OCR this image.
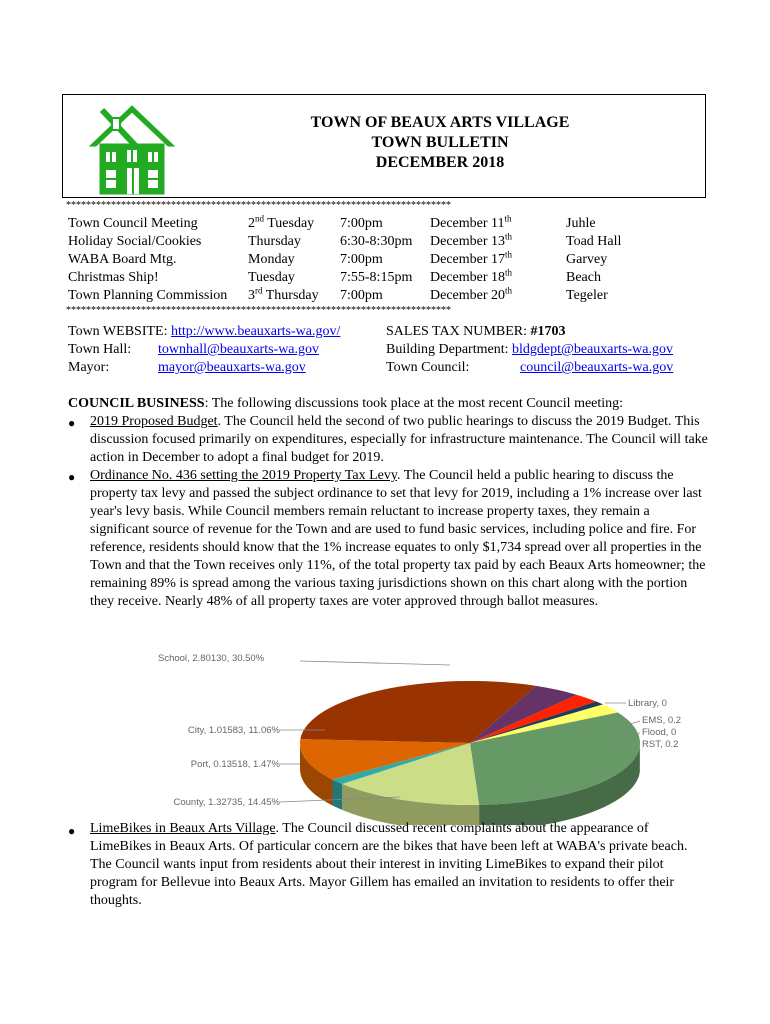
TOWN OF BEAUX ARTS VILLAGE
TOWN BULLETIN
DECEMBER 2018
*****************************************************************************
Town Council Meeting	2nd Tuesday 7:00pm	December 11th	Juhle
Holiday Social/Cookies	Thursday	6:30-8:30pm December 13th	Toad Hall
WABA Board Mtg.	Monday	7:00pm	December 17th	Garvey
Christmas Ship!	Tuesday	7:55-8:15pm December 18th	Beach
Town Planning Commission 3rd Thursday 7:00pm	December 20th	Tegeler
*****************************************************************************
Town WEBSITE: http://www.beauxarts-wa.gov/
Town Hall: townhall@beauxarts-wa.gov
Mayor:	mayor@beauxarts-wa.gov
SALES TAX NUMBER: #1703
Building Department: bldgdept@beauxarts-wa.gov
Town Council:	council@beauxarts-wa.gov
COUNCIL BUSINESS: The following discussions took place at the most recent Council meeting:
● 2019 Proposed Budget. The Council held the second of two public hearings to discuss the 2019 Budget. This discussion focused primarily on expenditures, especially for infrastructure maintenance. The Council will take action in December to adopt a final budget for 2019.
● Ordinance No. 436 setting the 2019 Property Tax Levy. The Council held a public hearing to discuss the property tax levy and passed the subject ordinance to set that levy for 2019, including a 1% increase over last year's levy basis. While Council members remain reluctant to increase property taxes, they remain a significant source of revenue for the Town and are used to fund basic services, including police and fire. For reference, residents should know that the 1% increase equates to only $1,734 spread over all properties in the Town and that the Town receives only 11%, of the total property tax paid by each Beaux Arts homeowner; the remaining 89% is spread among the various taxing jurisdictions shown on this chart along with the portion they receive. Nearly 48% of all property taxes are voter approved through ballot measures.
School, 2.80130, 30.50%
Library, 0
EMS, 0.2
Flood, 0
RST, 0.2
County, 1.32735, 14.45%
Port, 0.13518, 1.47%
City, 1.01583, 11.06%
● LimeBikes in Beaux Arts Village. The Council discussed recent complaints about the appearance of LimeBikes in Beaux Arts. Of particular concern are the bikes that have been left at WABA's private beach. The Council wants input from residents about their interest in inviting LimeBikes to expand their pilot program for Bellevue into Beaux Arts. Mayor Gillem has emailed an invitation to residents to offer their thoughts.
